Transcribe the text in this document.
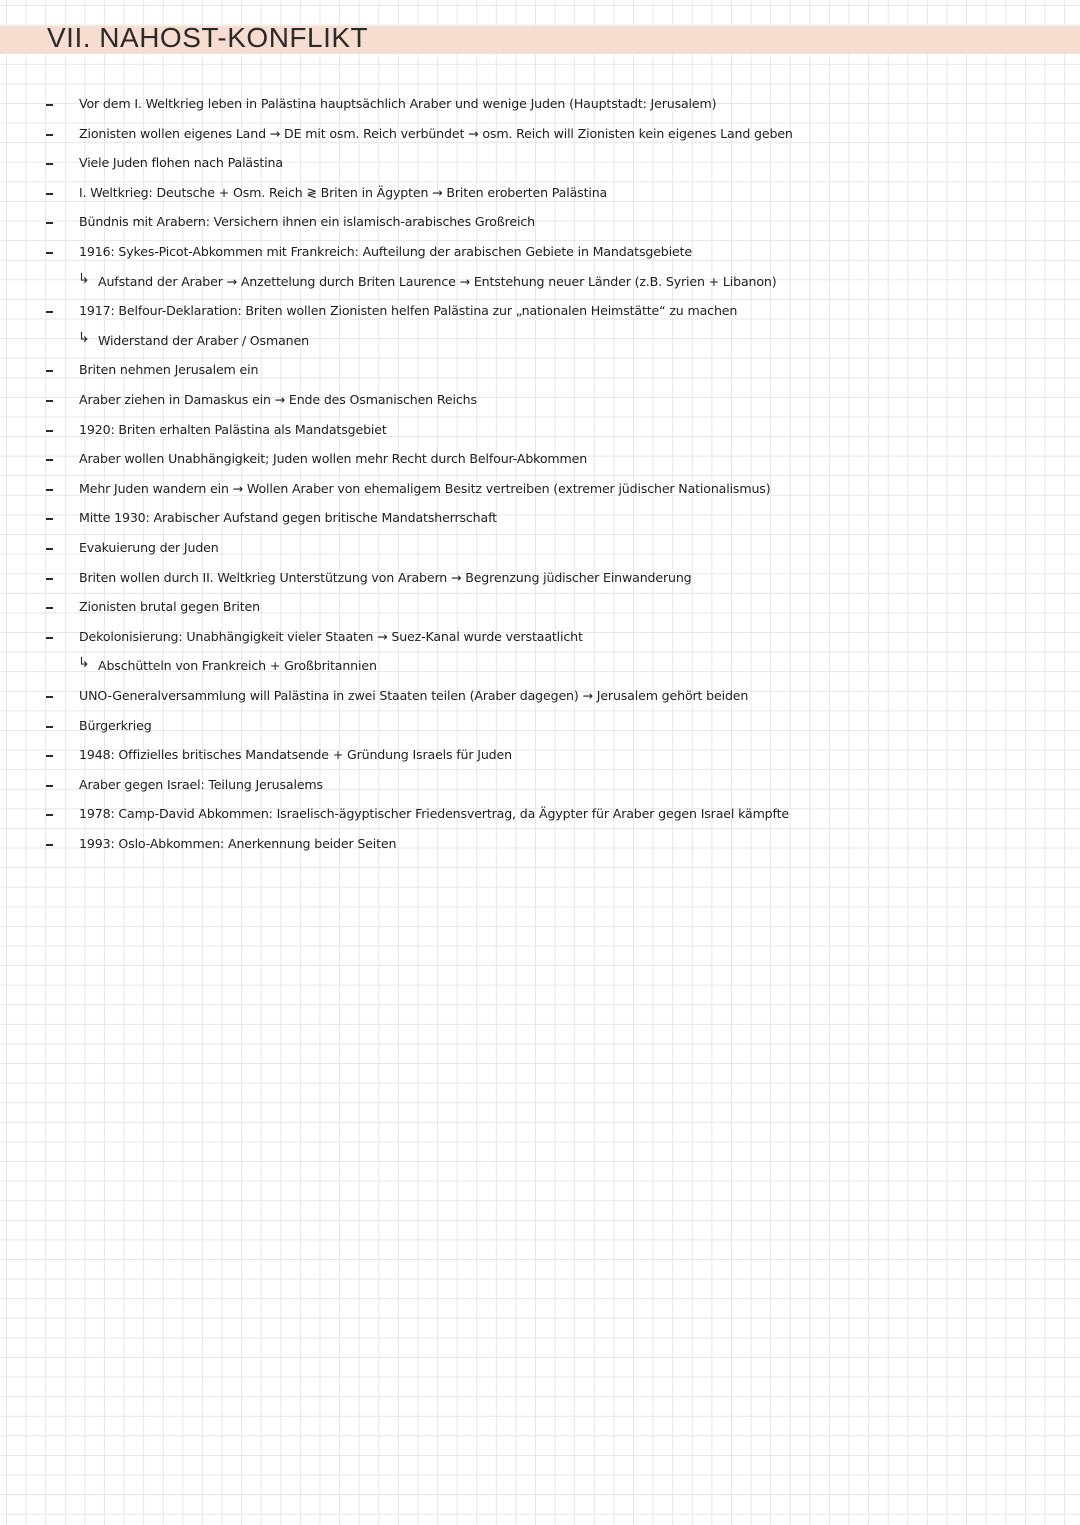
VII. NAHOST-KONFLIKT
Vor dem I. Weltkrieg leben in Palästina hauptsächlich Araber und wenige Juden (Hauptstadt: Jerusalem)
Zionisten wollen eigenes Land → DE mit osm. Reich verbündet → osm. Reich will Zionisten kein eigenes Land geben
Viele Juden flohen nach Palästina
I. Weltkrieg: Deutsche + Osm. Reich ≷ Briten in Ägypten → Briten eroberten Palästina
Bündnis mit Arabern: Versichern ihnen ein islamisch-arabisches Großreich
1916: Sykes-Picot-Abkommen mit Frankreich: Aufteilung der arabischen Gebiete in Mandatsgebiete
↳ Aufstand der Araber → Anzettelung durch Briten Laurence → Entstehung neuer Länder (z.B. Syrien + Libanon)
1917: Belfour-Deklaration: Briten wollen Zionisten helfen Palästina zur „nationalen Heimstätte“ zu machen
↳ Widerstand der Araber / Osmanen
Briten nehmen Jerusalem ein
Araber ziehen in Damaskus ein → Ende des Osmanischen Reichs
1920: Briten erhalten Palästina als Mandatsgebiet
Araber wollen Unabhängigkeit; Juden wollen mehr Recht durch Belfour-Abkommen
Mehr Juden wandern ein → Wollen Araber von ehemaligem Besitz vertreiben (extremer jüdischer Nationalismus)
Mitte 1930: Arabischer Aufstand gegen britische Mandatsherrschaft
Evakuierung der Juden
Briten wollen durch II. Weltkrieg Unterstützung von Arabern → Begrenzung jüdischer Einwanderung
Zionisten brutal gegen Briten
Dekolonisierung: Unabhängigkeit vieler Staaten → Suez-Kanal wurde verstaatlicht
↳ Abschütteln von Frankreich + Großbritannien
UNO-Generalversammlung will Palästina in zwei Staaten teilen (Araber dagegen) → Jerusalem gehört beiden
Bürgerkrieg
1948: Offizielles britisches Mandatsende + Gründung Israels für Juden
Araber gegen Israel: Teilung Jerusalems
1978: Camp-David Abkommen: Israelisch-ägyptischer Friedensvertrag, da Ägypter für Araber gegen Israel kämpfte
1993: Oslo-Abkommen: Anerkennung beider Seiten
